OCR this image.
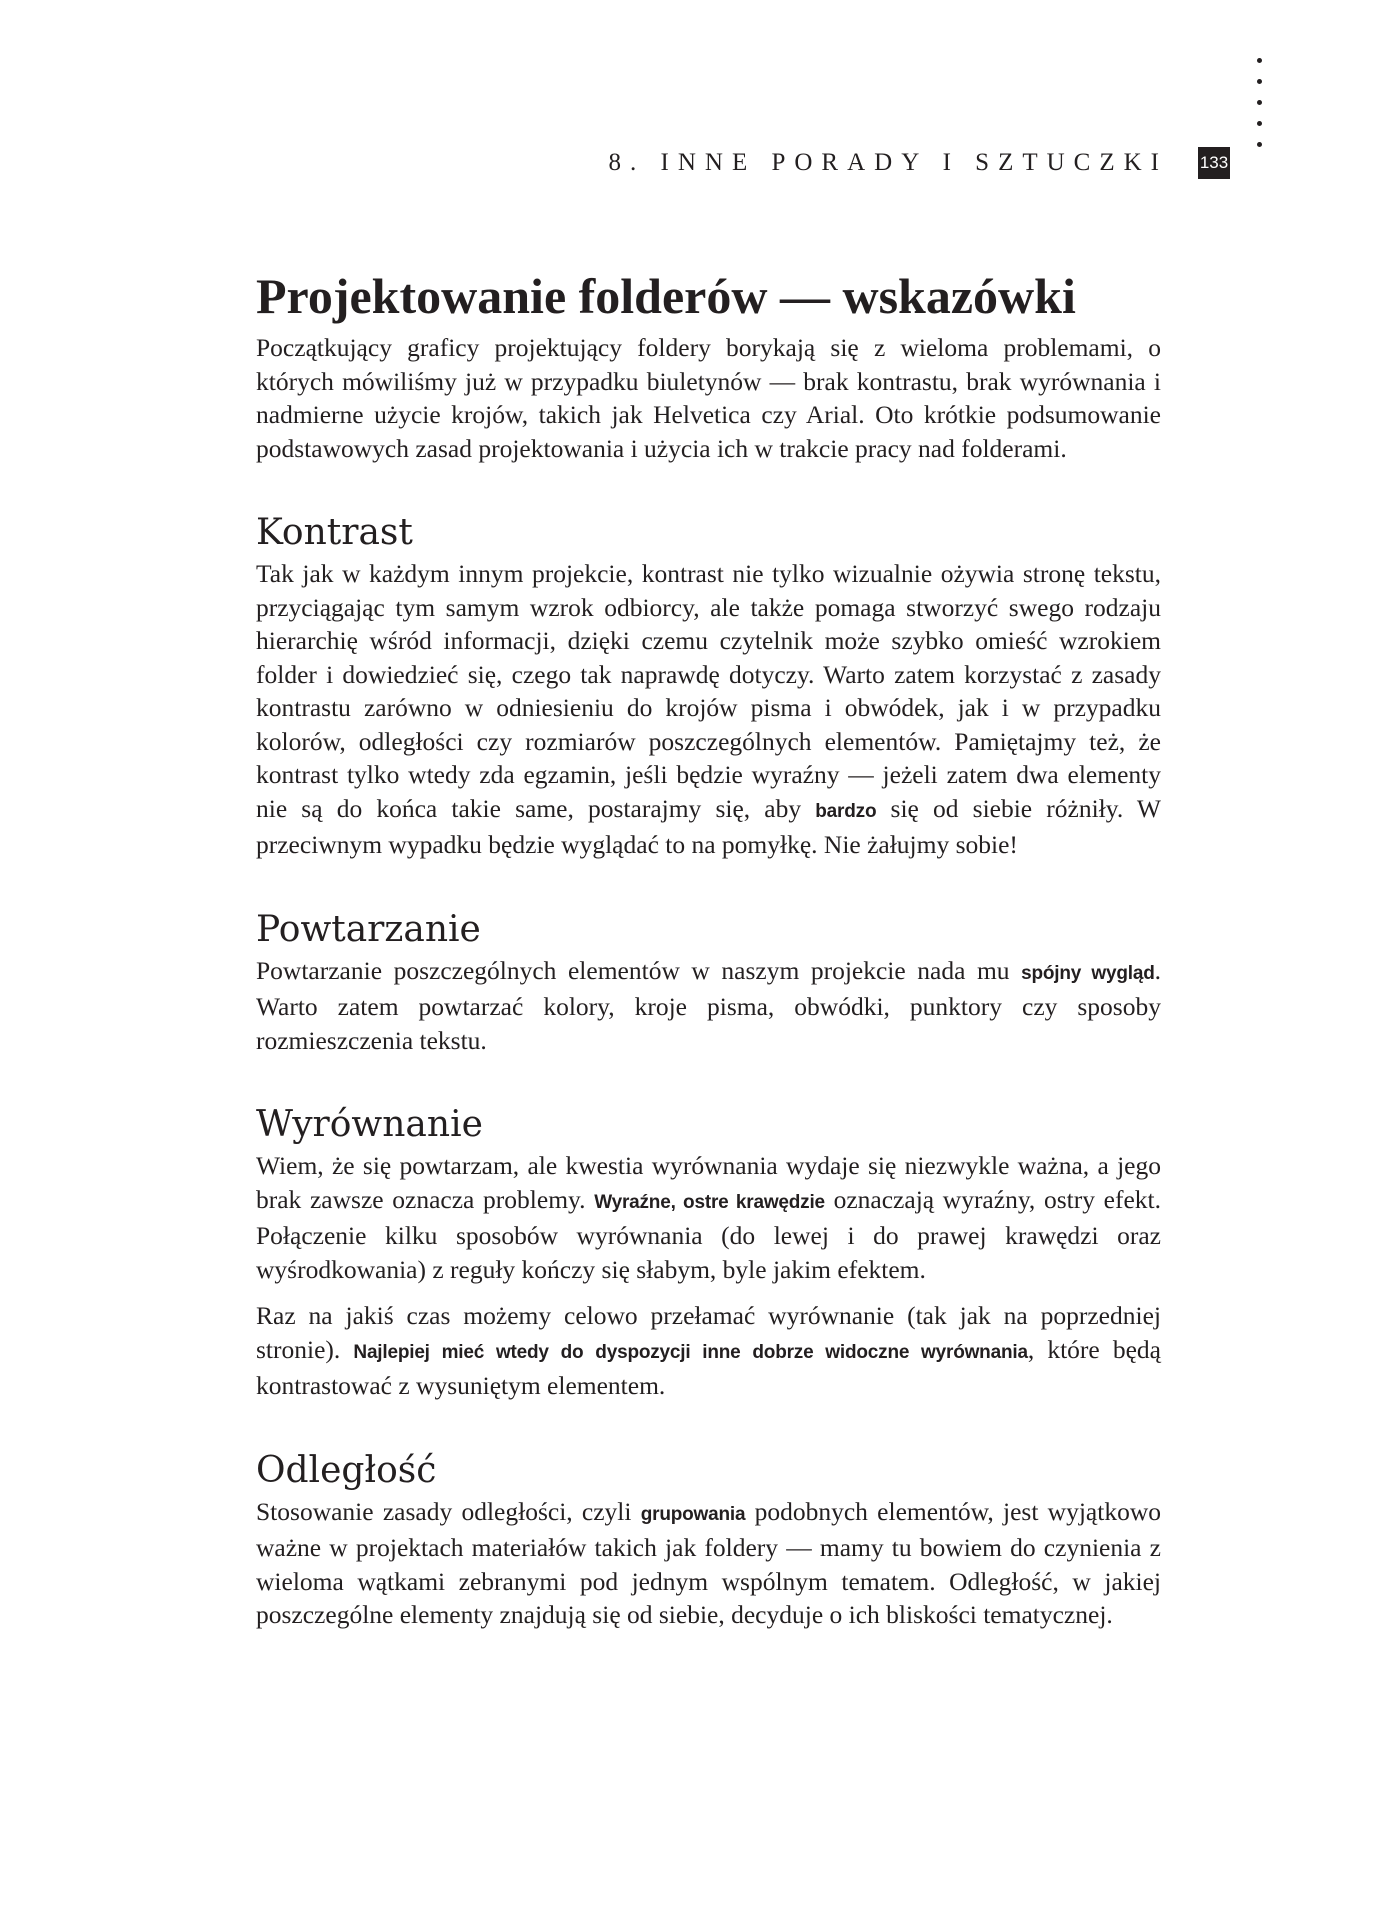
8. INNE PORADY I SZTUCZKI 133
Projektowanie folderów — wskazówki

Początkujący graficy projektujący foldery borykają się z wieloma problemami, o których mówiliśmy już w przypadku biuletynów — brak kontrastu, brak wyrównania i nadmierne użycie krojów, takich jak Helvetica czy Arial. Oto krótkie podsumowanie podstawowych zasad projektowania i użycia ich w trakcie pracy nad folderami.

Kontrast

Tak jak w każdym innym projekcie, kontrast nie tylko wizualnie ożywia stronę tekstu, przyciągając tym samym wzrok odbiorcy, ale także pomaga stworzyć swego rodzaju hierarchię wśród informacji, dzięki czemu czytelnik może szybko omieść wzrokiem folder i dowiedzieć się, czego tak naprawdę dotyczy. Warto zatem korzystać z zasady kontrastu zarówno w odniesieniu do krojów pisma i obwódek, jak i w przypadku kolorów, odległości czy rozmiarów poszczególnych elementów. Pamiętajmy też, że kontrast tylko wtedy zda egzamin, jeśli będzie wyraźny — jeżeli zatem dwa elementy nie są do końca takie same, postarajmy się, aby bardzo się od siebie różniły. W przeciwnym wypadku będzie wyglądać to na pomyłkę. Nie żałujmy sobie!

Powtarzanie

Powtarzanie poszczególnych elementów w naszym projekcie nada mu spójny wygląd. Warto zatem powtarzać kolory, kroje pisma, obwódki, punktory czy sposoby rozmieszczenia tekstu.

Wyrównanie

Wiem, że się powtarzam, ale kwestia wyrównania wydaje się niezwykle ważna, a jego brak zawsze oznacza problemy. Wyraźne, ostre krawędzie oznaczają wyraźny, ostry efekt. Połączenie kilku sposobów wyrównania (do lewej i do prawej krawędzi oraz wyśrodkowania) z reguły kończy się słabym, byle jakim efektem.

Raz na jakiś czas możemy celowo przełamać wyrównanie (tak jak na poprzedniej stronie). Najlepiej mieć wtedy do dyspozycji inne dobrze widoczne wyrównania, które będą kontrastować z wysuniętym elementem.

Odległość

Stosowanie zasady odległości, czyli grupowania podobnych elementów, jest wyjątkowo ważne w projektach materiałów takich jak foldery — mamy tu bowiem do czynienia z wieloma wątkami zebranymi pod jednym wspólnym tematem. Odległość, w jakiej poszczególne elementy znajdują się od siebie, decyduje o ich bliskości tematycznej.
